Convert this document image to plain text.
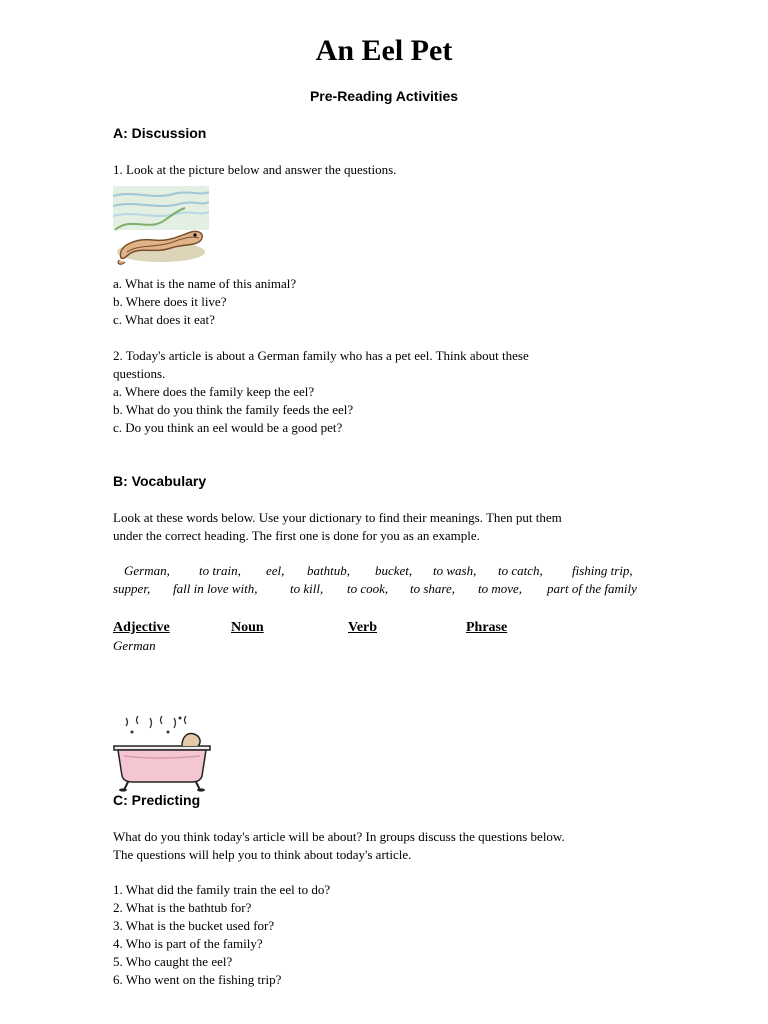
An Eel Pet
Pre-Reading Activities
A: Discussion
1. Look at the picture below and answer the questions.
a. What is the name of this animal?
b. Where does it live?
c. What does it eat?
2. Today's article is about a German family who has a pet eel. Think about these
questions.
a. Where does the family keep the eel?
b. What do you think the family feeds the eel?
c. Do you think an eel would be a good pet?
B: Vocabulary
Look at these words below. Use your dictionary to find their meanings. Then put them
under the correct heading. The first one is done for you as an example.
German, to train, eel, bathtub, bucket, to wash, to catch, fishing trip,
supper, fall in love with,	to kill, to cook, to share, to move, part of the family
Adjective	Noun	Verb	Phrase
German
C: Predicting
What do you think today's article will be about? In groups discuss the questions below.
The questions will help you to think about today's article.
1. What did the family train the eel to do?
2. What is the bathtub for?
3. What is the bucket used for?
4. Who is part of the family?
5. Who caught the eel?
6. Who went on the fishing trip?
